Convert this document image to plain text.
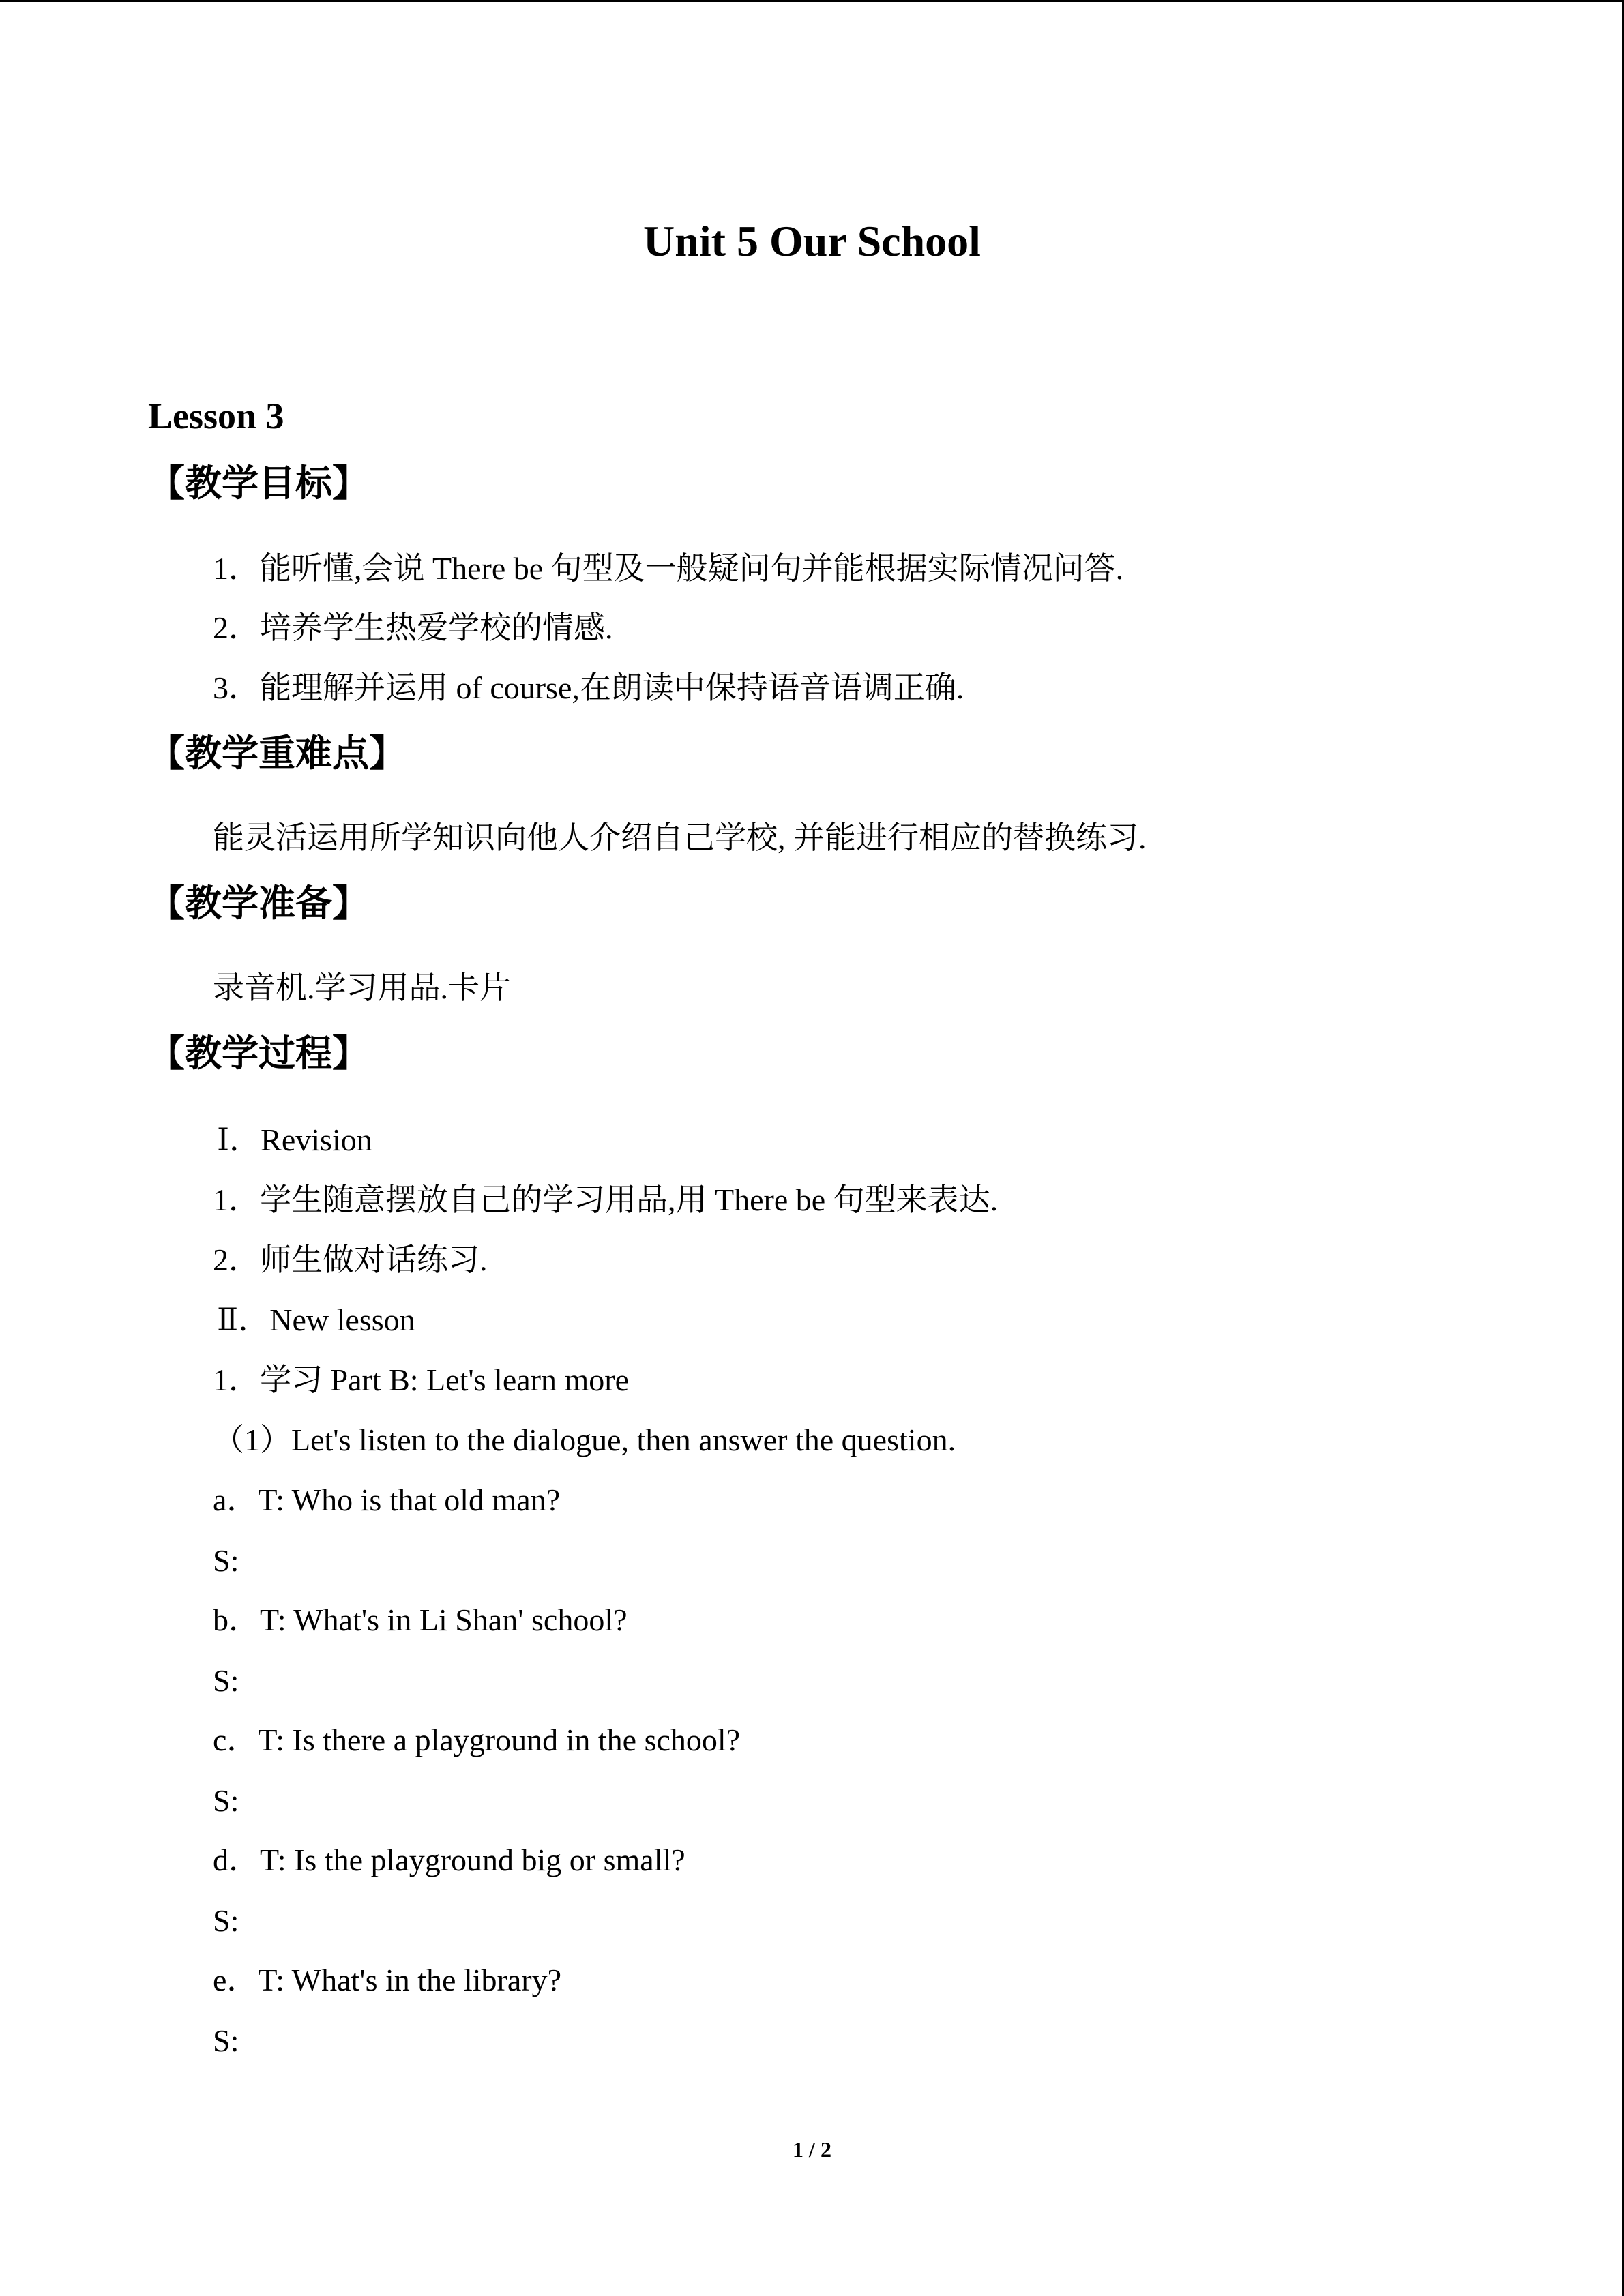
Unit 5 Our School
Lesson 3
【教学目标】
1．能听懂,会说 There be 句型及一般疑问句并能根据实际情况问答.
2．培养学生热爱学校的情感.
3．能理解并运用 of course,在朗读中保持语音语调正确.
【教学重难点】
能灵活运用所学知识向他人介绍自己学校, 并能进行相应的替换练习.
【教学准备】
录音机.学习用品.卡片
【教学过程】
Ⅰ．Revision
1．学生随意摆放自己的学习用品,用 There be 句型来表达.
2．师生做对话练习.
Ⅱ．New lesson
1．学习 Part B: Let's learn more
（1）Let's listen to the dialogue, then answer the question.
a．T: Who is that old man?
S:
b．T: What's in Li Shan' school?
S:
c．T: Is there a playground in the school?
S:
d．T: Is the playground big or small?
S:
e．T: What's in the library?
S:
1 / 2
